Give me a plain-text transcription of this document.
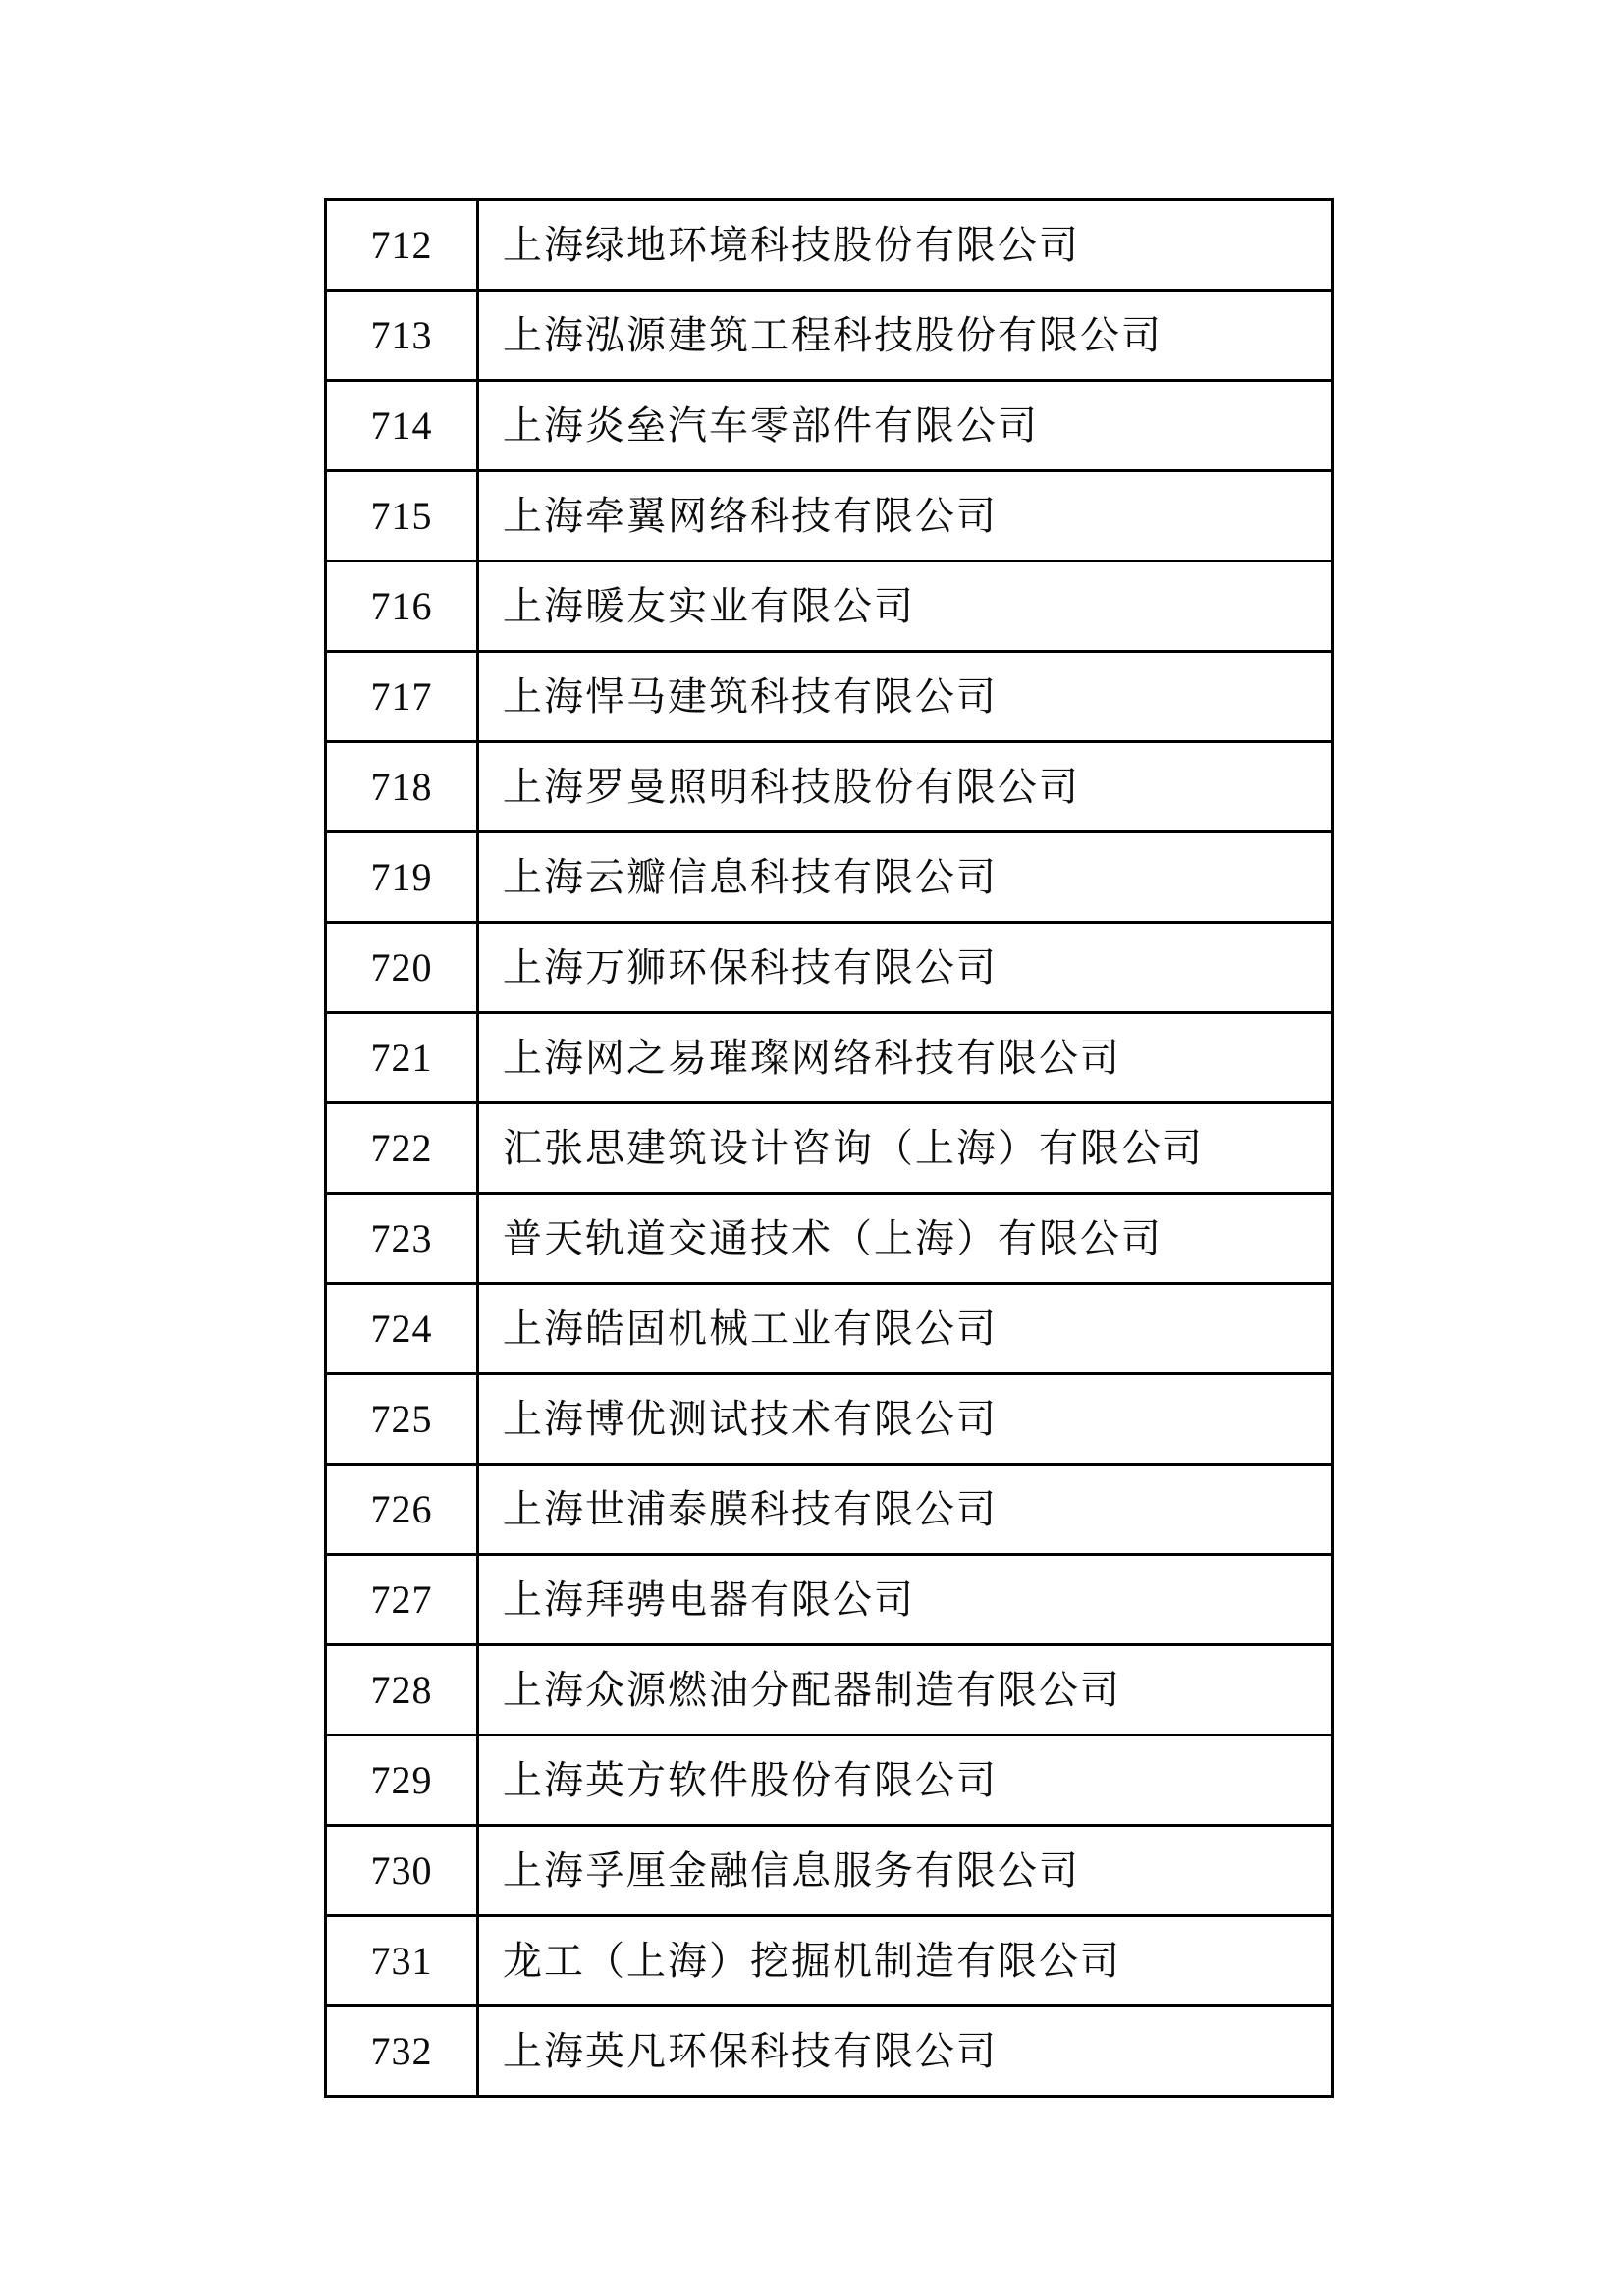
712	上海绿地环境科技股份有限公司
713	上海泓源建筑工程科技股份有限公司
714	上海炎垒汽车零部件有限公司
715	上海牵翼网络科技有限公司
716	上海暖友实业有限公司
717	上海悍马建筑科技有限公司
718	上海罗曼照明科技股份有限公司
719	上海云瓣信息科技有限公司
720	上海万狮环保科技有限公司
721	上海网之易璀璨网络科技有限公司
722	汇张思建筑设计咨询（上海）有限公司
723	普天轨道交通技术（上海）有限公司
724	上海皓固机械工业有限公司
725	上海博优测试技术有限公司
726	上海世浦泰膜科技有限公司
727	上海拜骋电器有限公司
728	上海众源燃油分配器制造有限公司
729	上海英方软件股份有限公司
730	上海孚厘金融信息服务有限公司
731	龙工（上海）挖掘机制造有限公司
732	上海英凡环保科技有限公司
